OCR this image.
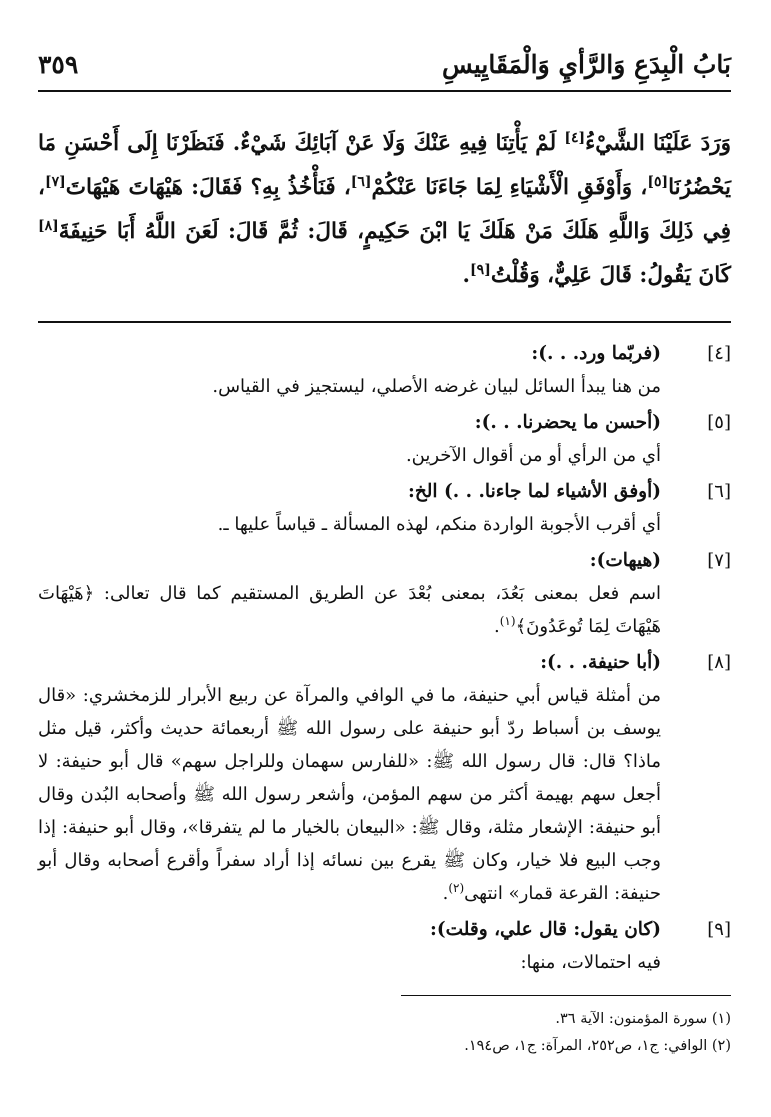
بَابُ الْبِدَعِ وَالرَّأيِ وَالْمَقَايِيسِ
٣٥٩
وَرَدَ عَلَيْنَا الشَّيْءُ[٤] لَمْ يَأْتِنَا فِيهِ عَنْكَ وَلَا عَنْ آبَائِكَ شَيْءٌ. فَنَظَرْنَا إِلَى أَحْسَنِ مَا يَحْضُرُنَا[٥]، وَأَوْفَقِ الْأَشْيَاءِ لِمَا جَاءَنَا عَنْكُمْ[٦]، فَنَأْخُذُ بِهِ؟ فَقَالَ: هَيْهَاتَ هَيْهَاتَ[٧]، فِي ذَلِكَ وَاللَّهِ هَلَكَ مَنْ هَلَكَ يَا ابْنَ حَكِيمٍ، قَالَ: ثُمَّ قَالَ: لَعَنَ اللَّهُ أَبَا حَنِيفَةَ[٨] كَانَ يَقُولُ: قَالَ عَلِيٌّ، وَقُلْتُ[٩].
[٤]
(فربّما ورد. . .):
من هنا يبدأ السائل لبيان غرضه الأصلي، ليستجيز في القياس.
[٥]
(أحسن ما يحضرنا. . .):
أي من الرأي أو من أقوال الآخرين.
[٦]
(أوفق الأشياء لما جاءنا. . .) الخ:
أي أقرب الأجوبة الواردة منكم، لهذه المسألة ـ قياساً عليها ـ.
[٧]
(هيهات):
اسم فعل بمعنى بَعُدَ، بمعنى بُعْدَ عن الطريق المستقيم كما قال تعالى: ﴿هَيْهَاتَ هَيْهَاتَ لِمَا تُوعَدُونَ﴾$^{(١)}$.
[٨]
(أبا حنيفة. . .):
من أمثلة قياس أبي حنيفة، ما في الوافي والمرآة عن ربيع الأبرار للزمخشري: «قال يوسف بن أسباط ردّ أبو حنيفة على رسول الله ﷺ أربعمائة حديث وأكثر، قيل مثل ماذا؟ قال: قال رسول الله ﷺ: «للفارس سهمان وللراجل سهم» قال أبو حنيفة: لا أجعل سهم بهيمة أكثر من سهم المؤمن، وأشعر رسول الله ﷺ وأصحابه البُدن وقال أبو حنيفة: الإشعار مثلة، وقال ﷺ: «البيعان بالخيار ما لم يتفرقا»، وقال أبو حنيفة: إذا وجب البيع فلا خيار، وكان ﷺ يقرع بين نسائه إذا أراد سفراً وأقرع أصحابه وقال أبو حنيفة: القرعة قمار» انتهى$^{(٢)}$.
[٩]
(كان يقول: قال علي، وقلت):
فيه احتمالات، منها:
(١) سورة المؤمنون: الآية ٣٦.
(٢) الوافي: ج١، ص٢٥٢، المرآة: ج١، ص١٩٤.
